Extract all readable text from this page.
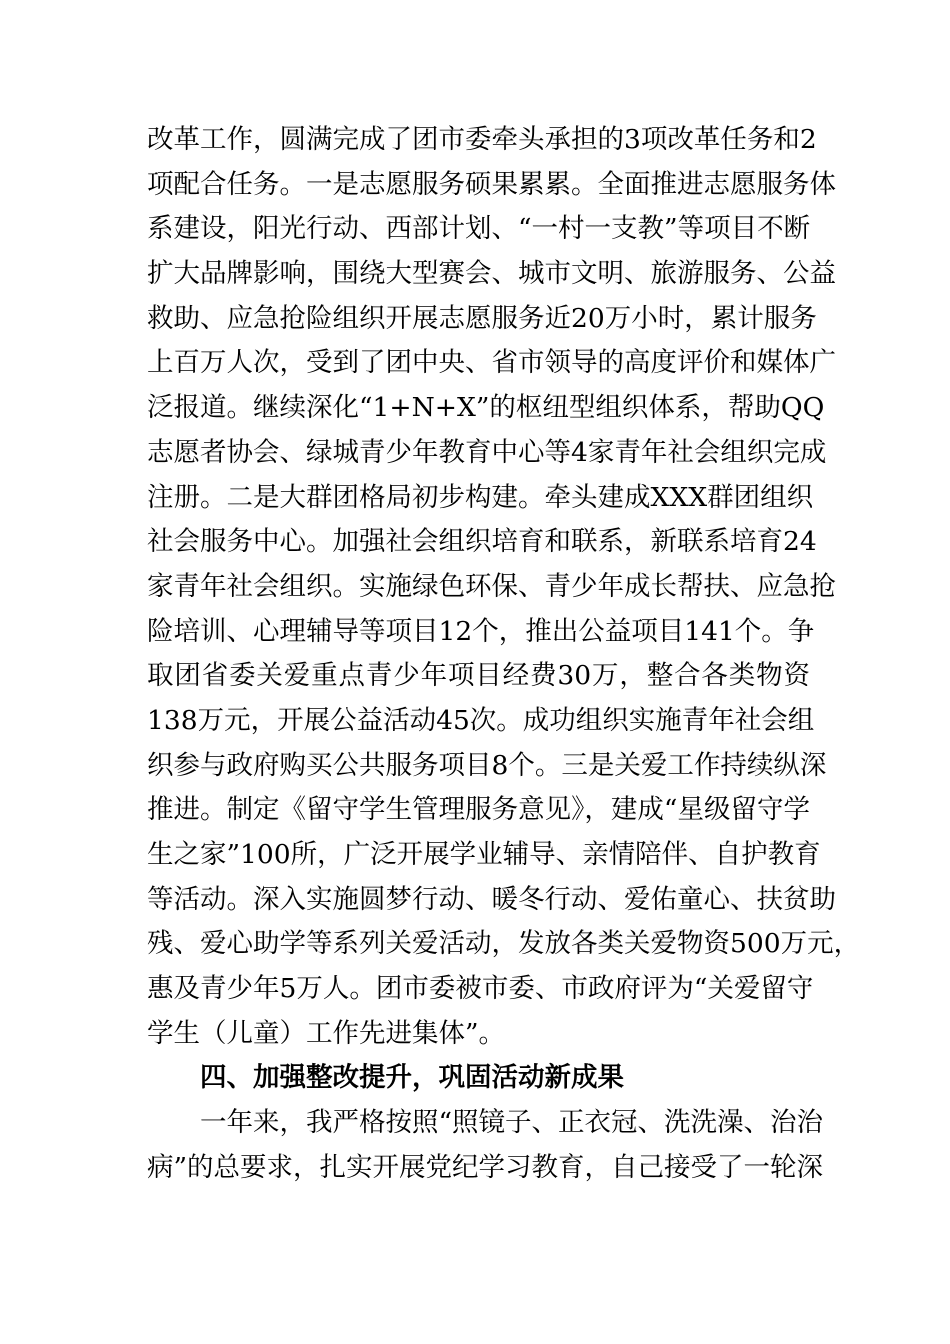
改革工作，圆满完成了团市委牵头承担的3项改革任务和2
项配合任务。一是志愿服务硕果累累。全面推进志愿服务体
系建设，阳光行动、西部计划、“一村一支教”等项目不断
扩大品牌影响，围绕大型赛会、城市文明、旅游服务、公益
救助、应急抢险组织开展志愿服务近20万小时，累计服务
上百万人次，受到了团中央、省市领导的高度评价和媒体广
泛报道。继续深化“1+N+X”的枢纽型组织体系，帮助QQ
志愿者协会、绿城青少年教育中心等4家青年社会组织完成
注册。二是大群团格局初步构建。牵头建成XXX群团组织
社会服务中心。加强社会组织培育和联系，新联系培育24
家青年社会组织。实施绿色环保、青少年成长帮扶、应急抢
险培训、心理辅导等项目12个，推出公益项目141个。争
取团省委关爱重点青少年项目经费30万，整合各类物资
138万元，开展公益活动45次。成功组织实施青年社会组
织参与政府购买公共服务项目8个。三是关爱工作持续纵深
推进。制定《留守学生管理服务意见》，建成“星级留守学
生之家”100所，广泛开展学业辅导、亲情陪伴、自护教育
等活动。深入实施圆梦行动、暖冬行动、爱佑童心、扶贫助
残、爱心助学等系列关爱活动，发放各类关爱物资500万元，
惠及青少年5万人。团市委被市委、市政府评为“关爱留守
学生（儿童）工作先进集体”。
四、加强整改提升，巩固活动新成果
一年来，我严格按照“照镜子、正衣冠、洗洗澡、治治
病”的总要求，扎实开展党纪学习教育，自己接受了一轮深
